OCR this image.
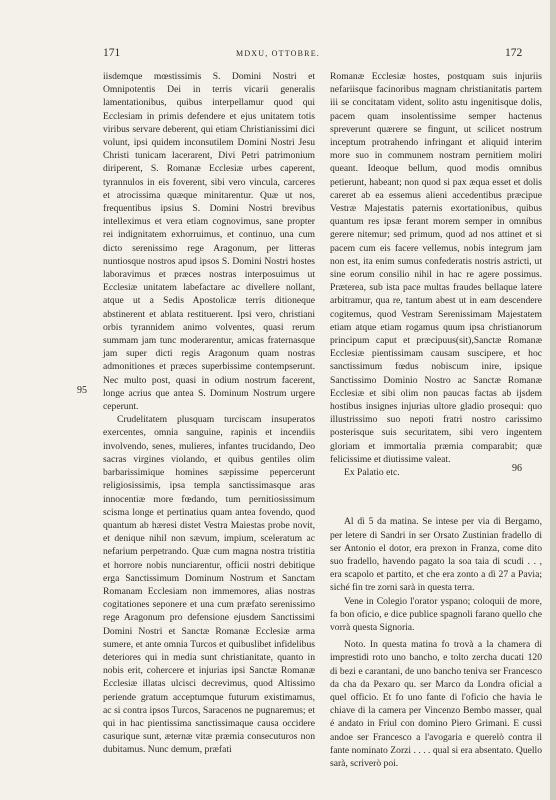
171	MDXU, OTTOBRE.	172
95
96

iisdemque mœstissimis S. Domini Nostri et Omnipotentis Dei in terris vicarii generalis lamentationibus, quibus interpellamur quod qui Ecclesiam in primis defendere et ejus unitatem totis viribus servare deberent, qui etiam Christianissimi dici volunt, ipsi quidem inconsutilem Domini Nostri Jesu Christi tunicam lacerarent, Divi Petri patrimonium diriperent, S. Romanæ Ecclesiæ urbes caperent, tyrannulos in eis foverent, sibi vero vincula, carceres et atrocissima quæque minitarentur. Quæ ut nos, frequentibus ipsius S. Domini Nostri brevibus intelleximus et vera etiam cognovimus, sane propter rei indignitatem exhorruimus, et continuo, una cum dicto serenissimo rege Aragonum, per litteras nuntiosque nostros apud ipsos S. Domini Nostri hostes laboravimus et præces nostras interposuimus ut Ecclesiæ unitatem labefactare ac divellere nollant, atque ut a Sedis Apostolicæ terris ditioneque abstinerent et ablata restituerent. Ipsi vero, christiani orbis tyrannidem animo volventes, quasi rerum summam jam tunc moderarentur, amicas fraternasque jam super dicti regis Aragonum quam nostras admonitiones et præces superbissime contempserunt. Nec multo post, quasi in odium nostrum facerent, longe acrius que antea S. Dominum Nostrum urgere ceperunt.

Crudelitatem plusquam turciscam insuperatos exercentes, omnia sanguine, rapinis et incendiis involvendo, senes, mulieres, infantes trucidando, Deo sacras virgines violando, et quibus gentiles olim barbarissimique homines sæpissime pepercerunt religiosissimis, ipsa templa sanctissimasque aras innocentiæ more fœdando, tum pernitiosissimum scisma longe et pertinatius quam antea fovendo, quod quantum ab hæresi distet Vestra Maiestas probe novit, et denique nihil non sævum, impium, sceleratum ac nefarium perpetrando. Quæ cum magna nostra tristitia et horrore nobis nunciarentur, officii nostri debitique erga Sanctissimum Dominum Nostrum et Sanctam Romanam Ecclesiam non immemores, alias nostras cogitationes seponere et una cum præfato serenissimo rege Aragonum pro defensione ejusdem Sanctissimi Domini Nostri et Sanctæ Romanæ Ecclesiæ arma sumere, et ante omnia Turcos et quibuslibet infidelibus deteriores qui in media sunt christianitate, quanto in nobis erit, cohercere et injurias ipsi Sanctæ Romanæ Ecclesiæ illatas ulcisci decrevimus, quod Altissimo periende gratum acceptumque futurum existimamus, ac si contra ipsos Turcos, Saracenos ne pugnaremus; et qui in hac pientissima sanctissimaque causa occidere casurique sunt, æternæ vitæ præmia consecuturos non dubitamus. Nunc demum, præfati

Romanæ Ecclesiæ hostes, postquam suis injuriis nefariisque facinoribus magnam christianitatis partem iii se concitatam vident, solito astu ingenitisque dolis, pacem quam insolentissime semper hactenus spreverunt quærere se fingunt, ut scilicet nostrum inceptum protrahendo infringant et aliquid interim more suo in communem nostram pernitiem moliri queant. Ideoque bellum, quod modis omnibus petierunt, habeant; non quod si pax æqua esset et dolis careret ab ea essemus alieni accedentibus præcipue Vestræ Majestatis paternis exortationibus, quibus quantum res ipsæ ferant morem semper in omnibus gerere nitemur; sed primum, quod ad nos attinet et si pacem cum eis facere vellemus, nobis integrum jam non est, ita enim sumus confederatis nostris astricti, ut sine eorum consilio nihil in hac re agere possimus. Præterea, sub ista pace multas fraudes bellaque latere arbitramur, qua re, tantum abest ut in eam descendere cogitemus, quod Vestram Serenissimam Majestatem etiam atque etiam rogamus quum ipsa christianorum principum caput et præcipuus(sit),Sanctæ Romanæ Ecclesiæ pientissimam causam suscipere, et hoc sanctissimum fœdus nobiscum inire, ipsique Sanctissimo Dominio Nostro ac Sanctæ Romanæ Ecclesiæ et sibi olim non paucas factas ab ijsdem hostibus insignes injurias ultore gladio prosequi: quo illustrissimo suo nepoti fratri nostro carissimo posterisque suis securitatem, sibi vero ingentem gloriam et immortalia præmia comparabit; quæ felicissime et diutissime valeat.

Ex Palatio etc.

Al dì 5 da matina. Se intese per via di Bergamo, per letere di Sandri in ser Orsato Zustinian fradello di ser Antonio el dotor, era prexon in Franza, come dito suo fradello, havendo pagato la soa taia di scudi . . , era scapolo et partito, et che era zonto a dì 27 a Pavia; siché fin tre zorni sarà in questa terra.

Vene in Colegio l'orator yspano; coloquii de more, fa bon oficio, e dice publice spagnoli farano quello che vorrà questa Signoria.

Noto. In questa matina fo trovà a la chamera di imprestidi roto uno bancho, e tolto zercha ducati 120 di bezi e carantani, de uno bancho teniva ser Francesco da cha da Pexaro qu. ser Marco da Londra oficial a quel officio. Et fo uno fante di l'oficio che havia le chiave di la camera per Vincenzo Bembo masser, qual é andato in Friul con domino Piero Grimani. E cussì andoe ser Francesco a l'avogaria e querelò contra il fante nominato Zorzi . . . . qual si era absentato. Quello sarà, scriverò poi.
